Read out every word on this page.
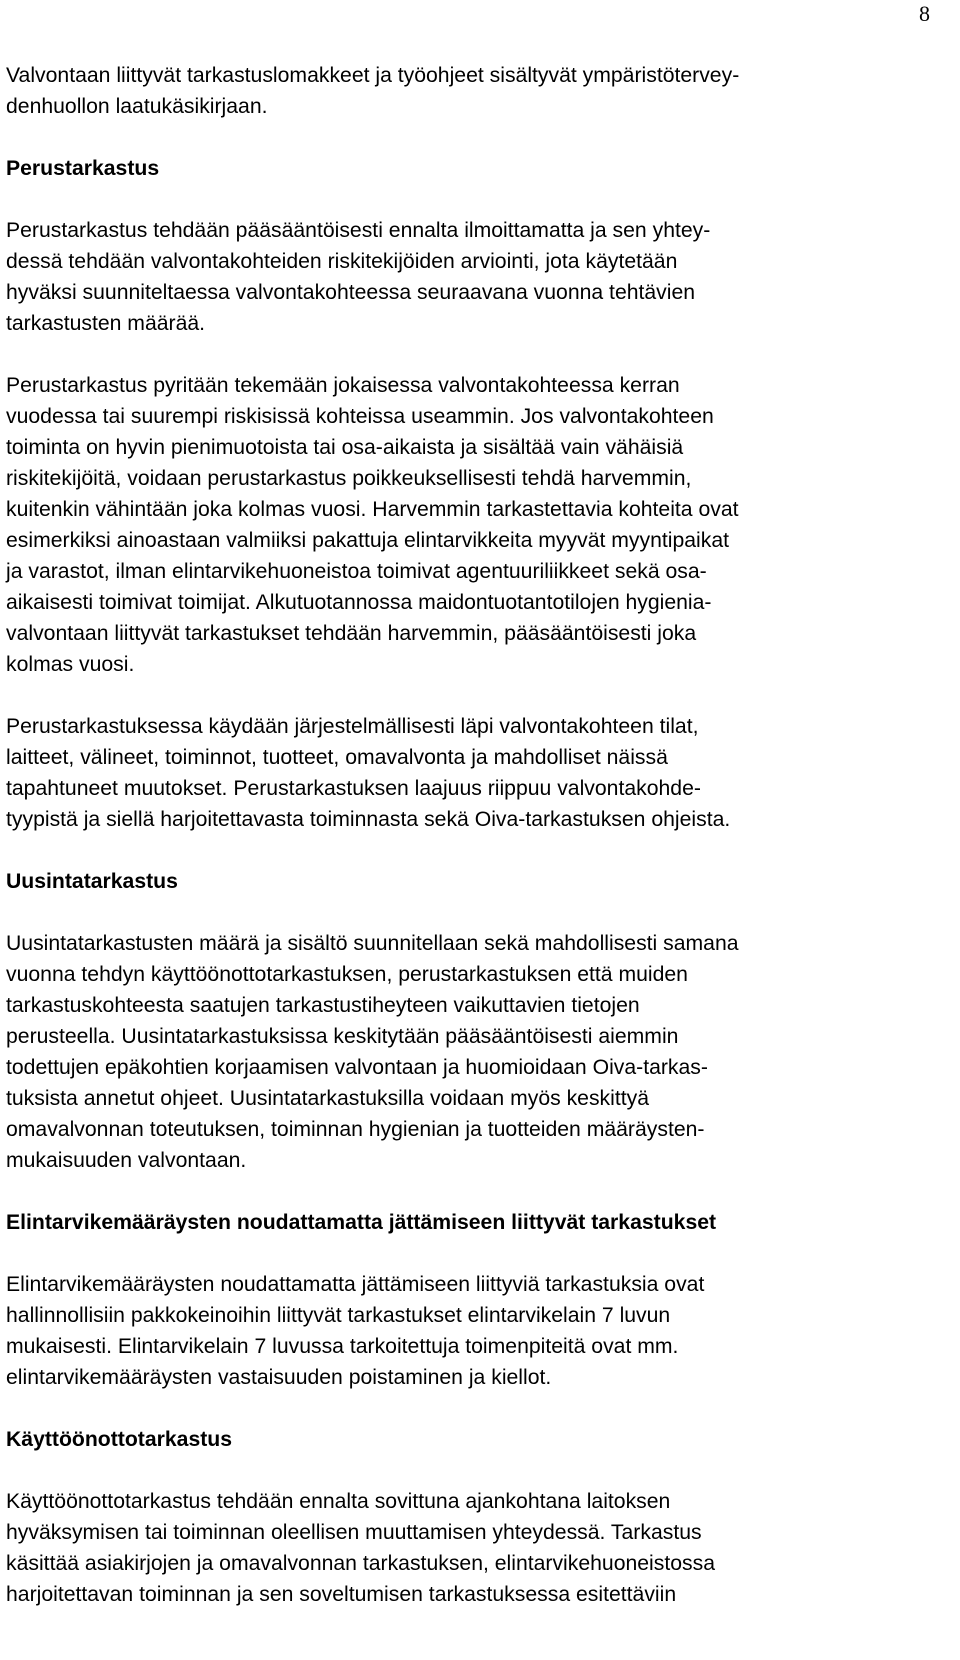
8
Valvontaan liittyvät tarkastuslomakkeet ja työohjeet sisältyvät ympäristötervey-
denhuollon laatukäsikirjaan.
Perustarkastus
Perustarkastus tehdään pääsääntöisesti ennalta ilmoittamatta ja sen yhtey-
dessä tehdään valvontakohteiden riskitekijöiden arviointi, jota käytetään
hyväksi suunniteltaessa valvontakohteessa seuraavana vuonna tehtävien
tarkastusten määrää.
Perustarkastus pyritään tekemään jokaisessa valvontakohteessa kerran
vuodessa tai suurempi riskisissä kohteissa useammin. Jos valvontakohteen
toiminta on hyvin pienimuotoista tai osa-aikaista ja sisältää vain vähäisiä
riskitekijöitä, voidaan perustarkastus poikkeuksellisesti tehdä harvemmin,
kuitenkin vähintään joka kolmas vuosi. Harvemmin tarkastettavia kohteita ovat
esimerkiksi ainoastaan valmiiksi pakattuja elintarvikkeita myyvät myyntipaikat
ja varastot, ilman elintarvikehuoneistoa toimivat agentuuriliikkeet sekä osa-
aikaisesti toimivat toimijat. Alkutuotannossa maidontuotantotilojen hygienia-
valvontaan liittyvät tarkastukset tehdään harvemmin, pääsääntöisesti joka
kolmas vuosi.
Perustarkastuksessa käydään järjestelmällisesti läpi valvontakohteen tilat,
laitteet, välineet, toiminnot, tuotteet, omavalvonta ja mahdolliset näissä
tapahtuneet muutokset. Perustarkastuksen laajuus riippuu valvontakohde-
tyypistä ja siellä harjoitettavasta toiminnasta sekä Oiva-tarkastuksen ohjeista.
Uusintatarkastus
Uusintatarkastusten määrä ja sisältö suunnitellaan sekä mahdollisesti samana
vuonna tehdyn käyttöönottotarkastuksen, perustarkastuksen että muiden
tarkastuskohteesta saatujen tarkastustiheyteen vaikuttavien tietojen
perusteella. Uusintatarkastuksissa keskitytään pääsääntöisesti aiemmin
todettujen epäkohtien korjaamisen valvontaan ja huomioidaan Oiva-tarkas-
tuksista annetut ohjeet. Uusintatarkastuksilla voidaan myös keskittyä
omavalvonnan toteutuksen, toiminnan hygienian ja tuotteiden määräysten-
mukaisuuden valvontaan.
Elintarvikemääräysten noudattamatta jättämiseen liittyvät tarkastukset
Elintarvikemääräysten noudattamatta jättämiseen liittyviä tarkastuksia ovat
hallinnollisiin pakkokeinoihin liittyvät tarkastukset elintarvikelain 7 luvun
mukaisesti. Elintarvikelain 7 luvussa tarkoitettuja toimenpiteitä ovat mm.
elintarvikemääräysten vastaisuuden poistaminen ja kiellot.
Käyttöönottotarkastus
Käyttöönottotarkastus tehdään ennalta sovittuna ajankohtana laitoksen
hyväksymisen tai toiminnan oleellisen muuttamisen yhteydessä. Tarkastus
käsittää asiakirjojen ja omavalvonnan tarkastuksen, elintarvikehuoneistossa
harjoitettavan toiminnan ja sen soveltumisen tarkastuksessa esitettäviin
